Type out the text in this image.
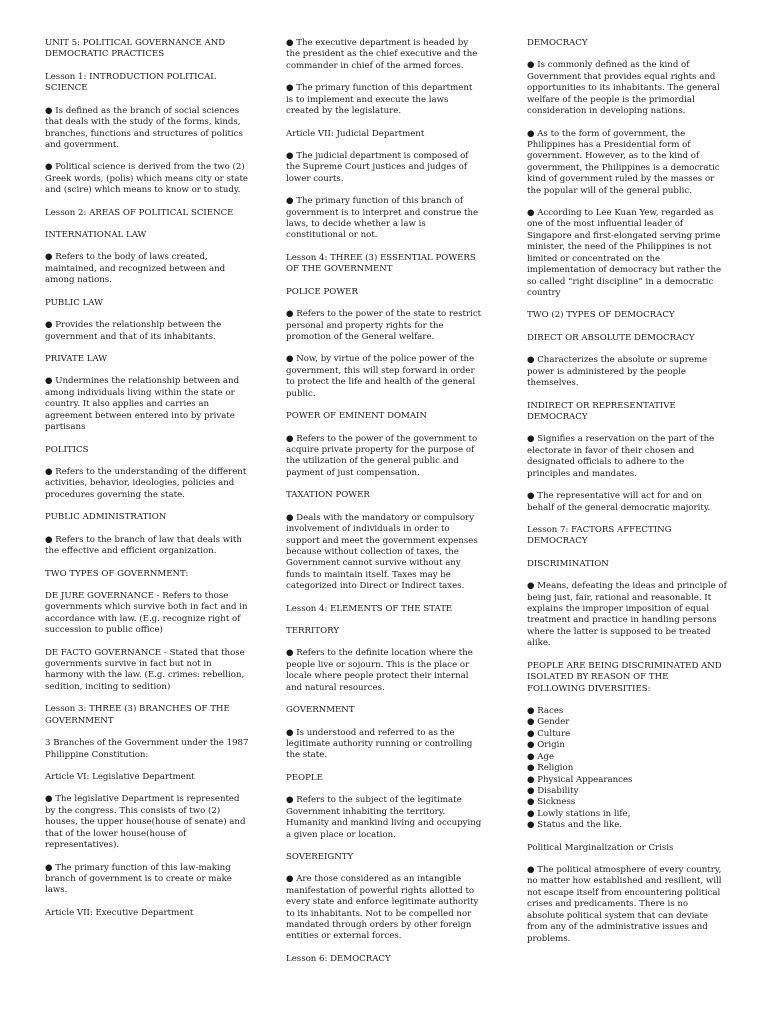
UNIT 5: POLITICAL GOVERNANCE AND DEMOCRATIC PRACTICES

Lesson 1: INTRODUCTION POLITICAL SCIENCE

● Is defined as the branch of social sciences that deals with the study of the forms, kinds, branches, functions and structures of politics and government.

● Political science is derived from the two (2) Greek words, (polis) which means city or state and (scire) which means to know or to study.

Lesson 2: AREAS OF POLITICAL SCIENCE

INTERNATIONAL LAW

● Refers to the body of laws created, maintained, and recognized between and among nations.

PUBLIC LAW

● Provides the relationship between the government and that of its inhabitants.

PRIVATE LAW

● Undermines the relationship between and among individuals living within the state or country. It also applies and carries an agreement between entered into by private partisans

POLITICS

● Refers to the understanding of the different activities, behavior, ideologies, policies and procedures governing the state.

PUBLIC ADMINISTRATION

● Refers to the branch of law that deals with the effective and efficient organization.

TWO TYPES OF GOVERNMENT:

DE JURE GOVERNANCE - Refers to those governments which survive both in fact and in accordance with law. (E.g. recognize right of succession to public office)

DE FACTO GOVERNANCE - Stated that those governments survive in fact but not in harmony with the law. (E.g. crimes: rebellion, sedition, inciting to sedition)

Lesson 3: THREE (3) BRANCHES OF THE GOVERNMENT

3 Branches of the Government under the 1987 Philippine Constitution:

Article VI: Legislative Department

● The legislative Department is represented by the congress. This consists of two (2) houses, the upper house(house of senate) and that of the lower house(house of representatives).

● The primary function of this law-making branch of government is to create or make laws.

Article VII: Executive Department

● The executive department is headed by the president as the chief executive and the commander in chief of the armed forces.

● The primary function of this department is to implement and execute the laws created by the legislature.

Article VII: Judicial Department

● The judicial department is composed of the Supreme Court justices and judges of lower courts.

● The primary function of this branch of government is to interpret and construe the laws, to decide whether a law is constitutional or not.

Lesson 4: THREE (3) ESSENTIAL POWERS OF THE GOVERNMENT

POLICE POWER

● Refers to the power of the state to restrict personal and property rights for the promotion of the General welfare.

● Now, by virtue of the police power of the government, this will step forward in order to protect the life and health of the general public.

POWER OF EMINENT DOMAIN

● Refers to the power of the government to acquire private property for the purpose of the utilization of the general public and payment of just compensation.

TAXATION POWER

● Deals with the mandatory or compulsory involvement of individuals in order to support and meet the government expenses because without collection of taxes, the Government cannot survive without any funds to maintain itself. Taxes may be categorized into Direct or Indirect taxes.

Lesson 4: ELEMENTS OF THE STATE

TERRITORY

● Refers to the definite location where the people live or sojourn. This is the place or locale where people protect their internal and natural resources.

GOVERNMENT

● Is understood and referred to as the legitimate authority running or controlling the state.

PEOPLE

● Refers to the subject of the legitimate Government inhabiting the territory. Humanity and mankind living and occupying a given place or location.

SOVEREIGNTY

● Are those considered as an intangible manifestation of powerful rights allotted to every state and enforce legitimate authority to its inhabitants. Not to be compelled nor mandated through orders by other foreign entities or external forces.

Lesson 6: DEMOCRACY

DEMOCRACY

● Is commonly defined as the kind of Government that provides equal rights and opportunities to its inhabitants. The general welfare of the people is the primordial consideration in developing nations.

● As to the form of government, the Philippines has a Presidential form of government. However, as to the kind of government, the Philippines is a democratic kind of government ruled by the masses or the popular will of the general public.

● According to Lee Kuan Yew, regarded as one of the most influential leader of Singapore and first-elongated serving prime minister, the need of the Philippines is not limited or concentrated on the implementation of democracy but rather the so called “right discipline” in a democratic country

TWO (2) TYPES OF DEMOCRACY

DIRECT OR ABSOLUTE DEMOCRACY

● Characterizes the absolute or supreme power is administered by the people themselves.

INDIRECT OR REPRESENTATIVE DEMOCRACY

● Signifies a reservation on the part of the electorate in favor of their chosen and designated officials to adhere to the principles and mandates.

● The representative will act for and on behalf of the general democratic majority.

Lesson 7: FACTORS AFFECTING DEMOCRACY

DISCRIMINATION

● Means, defeating the ideas and principle of being just, fair, rational and reasonable. It explains the improper imposition of equal treatment and practice in handling persons where the latter is supposed to be treated alike.

PEOPLE ARE BEING DISCRIMINATED AND ISOLATED BY REASON OF THE FOLLOWING DIVERSITIES:

● Races
● Gender
● Culture
● Origin
● Age
● Religion
● Physical Appearances
● Disability
● Sickness
● Lowly stations in life,
● Status and the like.

Political Marginalization or Crisis

● The political atmosphere of every country, no matter how established and resilient, will not escape itself from encountering political crises and predicaments. There is no absolute political system that can deviate from any of the administrative issues and problems.
